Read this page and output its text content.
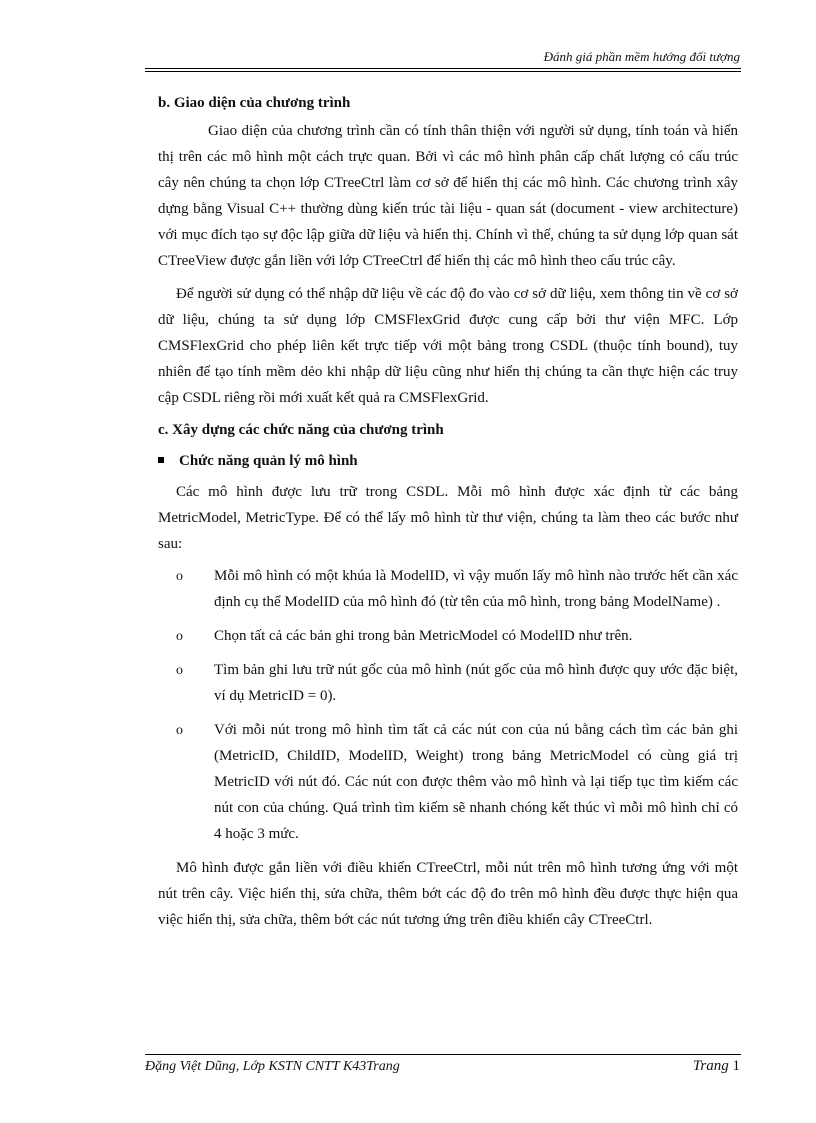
Đánh giá phần mềm hướng đối tượng

b. Giao diện của chương trình

Giao diện của chương trình cần có tính thân thiện với người sử dụng, tính toán và hiển thị trên các mô hình một cách trực quan. Bởi vì các mô hình phân cấp chất lượng có cấu trúc cây nên chúng ta chọn lớp CTreeCtrl làm cơ sở để hiển thị các mô hình. Các chương trình xây dựng bằng Visual C++ thường dùng kiến trúc tài liệu - quan sát (document - view architecture) với mục đích tạo sự độc lập giữa dữ liệu và hiển thị. Chính vì thế, chúng ta sử dụng lớp quan sát CTreeView được gắn liền với lớp CTreeCtrl để hiển thị các mô hình theo cấu trúc cây.

Để người sử dụng có thể nhập dữ liệu về các độ đo vào cơ sở dữ liệu, xem thông tin về cơ sở dữ liệu, chúng ta sử dụng lớp CMSFlexGrid được cung cấp bởi thư viện MFC. Lớp CMSFlexGrid cho phép liên kết trực tiếp với một bảng trong CSDL (thuộc tính bound), tuy nhiên để tạo tính mềm dẻo khi nhập dữ liệu cũng như hiển thị chúng ta cần thực hiện các truy cập CSDL riêng rồi mới xuất kết quả ra CMSFlexGrid.

c. Xây dựng các chức năng của chương trình

Chức năng quản lý mô hình

Các mô hình được lưu trữ trong CSDL. Mỗi mô hình được xác định từ các bảng MetricModel, MetricType. Để có thể lấy mô hình từ thư viện, chúng ta làm theo các bước như sau:

o	Mỗi mô hình có một khúa là ModelID, vì vậy muốn lấy mô hình nào trước hết cần xác định cụ thể ModelID của mô hình đó (từ tên của mô hình, trong bảng ModelName) .
o	Chọn tất cả các bản ghi trong bản MetricModel có ModelID như trên.
o	Tìm bản ghi lưu trữ nút gốc của mô hình (nút gốc của mô hình được quy ước đặc biệt, ví dụ MetricID = 0).
o	Với mỗi nút trong mô hình tìm tất cả các nút con của nú bằng cách tìm các bản ghi (MetricID, ChildID, ModelID, Weight) trong bảng MetricModel có cùng giá trị MetricID với nút đó. Các nút con được thêm vào mô hình và lại tiếp tục tìm kiếm các nút con của chúng. Quá trình tìm kiếm sẽ nhanh chóng kết thúc vì mỗi mô hình chỉ có 4 hoặc 3 mức.

Mô hình được gắn liền với điều khiển CTreeCtrl, mỗi nút trên mô hình tương ứng với một nút trên cây. Việc hiển thị, sửa chữa, thêm bớt các độ đo trên mô hình đều được thực hiện qua việc hiển thị, sửa chữa, thêm bớt các nút tương ứng trên điều khiển cây CTreeCtrl.

Đặng Việt Dũng, Lớp KSTN CNTT K43Trang	Trang 1
